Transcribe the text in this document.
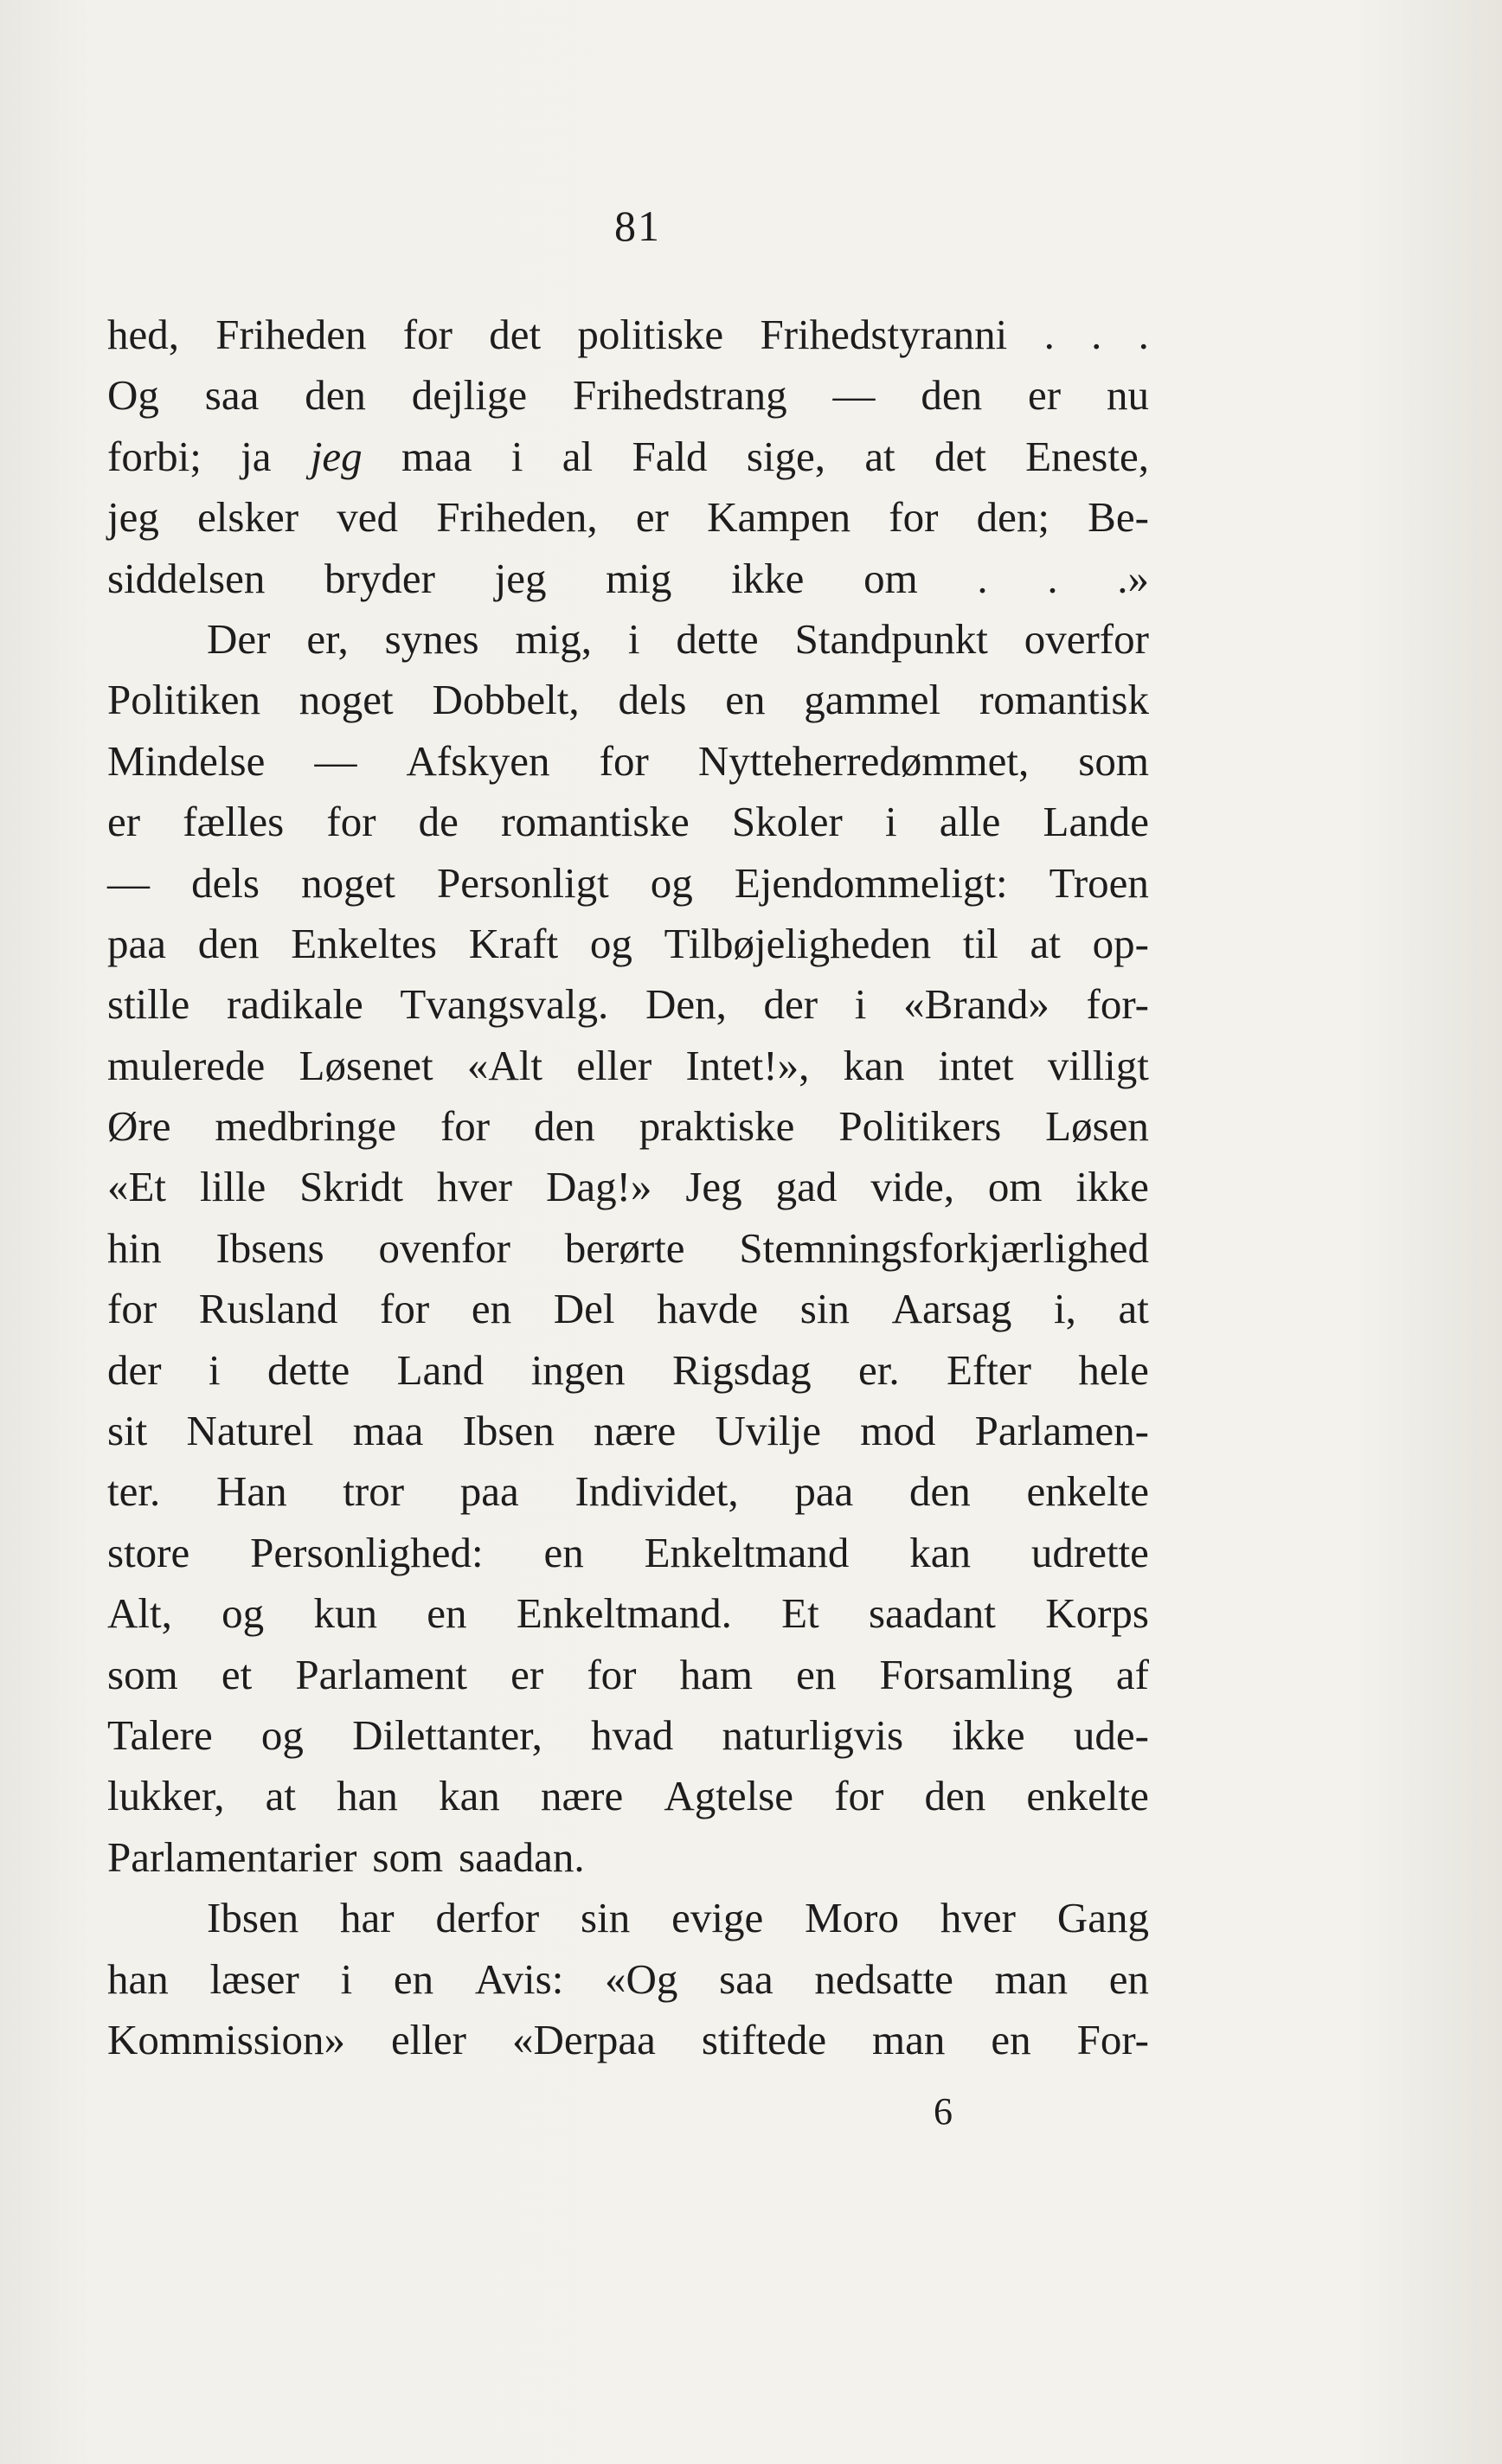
81
hed, Friheden for det politiske Frihedstyranni . . .
Og saa den dejlige Frihedstrang — den er nu
forbi; ja jeg maa i al Fald sige, at det Eneste,
jeg elsker ved Friheden, er Kampen for den; Be-
siddelsen bryder jeg mig ikke om . . .»
Der er, synes mig, i dette Standpunkt overfor
Politiken noget Dobbelt, dels en gammel romantisk
Mindelse — Afskyen for Nytteherredømmet, som
er fælles for de romantiske Skoler i alle Lande
— dels noget Personligt og Ejendommeligt: Troen
paa den Enkeltes Kraft og Tilbøjeligheden til at op-
stille radikale Tvangsvalg. Den, der i «Brand» for-
mulerede Løsenet «Alt eller Intet!», kan intet villigt
Øre medbringe for den praktiske Politikers Løsen
«Et lille Skridt hver Dag!» Jeg gad vide, om ikke
hin Ibsens ovenfor berørte Stemningsforkjærlighed
for Rusland for en Del havde sin Aarsag i, at
der i dette Land ingen Rigsdag er. Efter hele
sit Naturel maa Ibsen nære Uvilje mod Parlamen-
ter. Han tror paa Individet, paa den enkelte
store Personlighed: en Enkeltmand kan udrette
Alt, og kun en Enkeltmand. Et saadant Korps
som et Parlament er for ham en Forsamling af
Talere og Dilettanter, hvad naturligvis ikke ude-
lukker, at han kan nære Agtelse for den enkelte
Parlamentarier som saadan.
Ibsen har derfor sin evige Moro hver Gang
han læser i en Avis: «Og saa nedsatte man en
Kommission» eller «Derpaa stiftede man en For-
6
